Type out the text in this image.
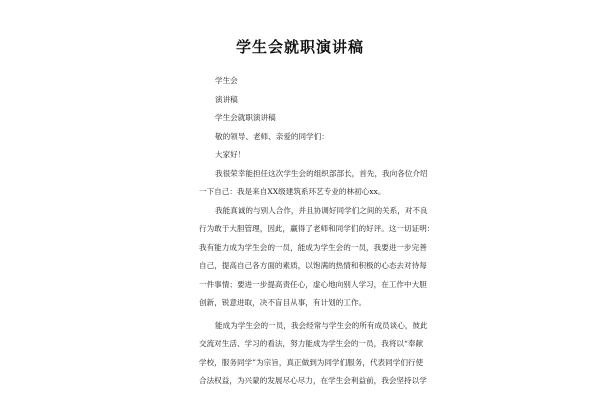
学生会就职演讲稿
学生会
演讲稿
学生会就职演讲稿
敬的领导、老师、亲爱的同学们：
大家好！
我很荣幸能担任这次学生会的组织部部长，首先，我向各位介绍
一下自己：我是来自XX级建筑系环艺专业的林初心xx。
我能真诚的与别人合作，并且协调好同学们之间的关系，对不良
行为敢于大胆管理，因此，赢得了老师和同学们的好评。这一切证明：
我有能力成为学生会的一员，能成为学生会的一员，我要进一步完善
自己，提高自己各方面的素质，以饱满的热情和积极的心态去对待每
一件事情；要进一步提高责任心，虚心地向别人学习，在工作中大胆
创新，锐意进取，决不盲目从事，有计划的工作。
能成为学生会的一员，我会经常与学生会的所有成员谈心，彼此
交流对生活、学习的看法，努力能成为学生会的一员，我将以“奉献
学校，服务同学”为宗旨，真正做到为同学们服务，代表同学们行使
合法权益，为兴蒙的发展尽心尽力，在学生会利益前，我会坚持以学
